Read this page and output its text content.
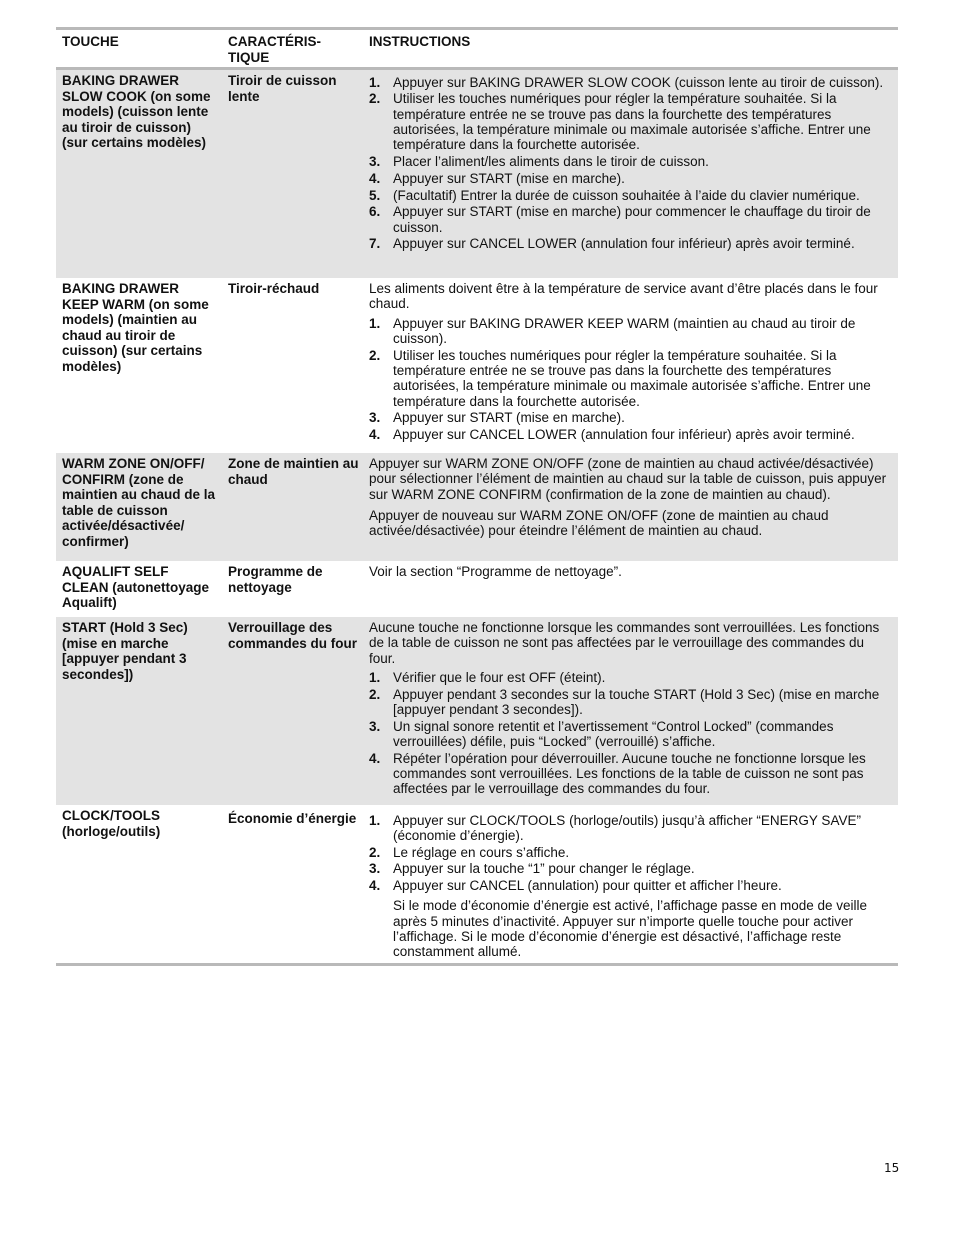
TOUCHE	CARACTÉRIS-
TIQUE
INSTRUCTIONS
BAKING DRAWER SLOW COOK (on some models) (cuisson lente au tiroir de cuisson) (sur certains modèles)
Tiroir de cuisson lente
1. Appuyer sur BAKING DRAWER SLOW COOK (cuisson lente au tiroir de cuisson).
2. Utiliser les touches numériques pour régler la température souhaitée. Si la température entrée ne se trouve pas dans la fourchette des températures autorisées, la température minimale ou maximale autorisée s’affiche. Entrer une température dans la fourchette autorisée.
3. Placer l’aliment/les aliments dans le tiroir de cuisson.
4. Appuyer sur START (mise en marche).
5. (Facultatif) Entrer la durée de cuisson souhaitée à l’aide du clavier numérique.
6. Appuyer sur START (mise en marche) pour commencer le chauffage du tiroir de cuisson.
7. Appuyer sur CANCEL LOWER (annulation four inférieur) après avoir terminé.
BAKING DRAWER KEEP WARM (on some models) (maintien au chaud au tiroir de cuisson) (sur certains modèles)
Tiroir-réchaud	Les aliments doivent être à la température de service avant d’être placés dans le four chaud.

1. Appuyer sur BAKING DRAWER KEEP WARM (maintien au chaud au tiroir de cuisson).
2. Utiliser les touches numériques pour régler la température souhaitée. Si la température entrée ne se trouve pas dans la fourchette des températures autorisées, la température minimale ou maximale autorisée s’affiche. Entrer une température dans la fourchette autorisée.
3. Appuyer sur START (mise en marche).
4. Appuyer sur CANCEL LOWER (annulation four inférieur) après avoir terminé.
WARM ZONE ON/OFF/ CONFIRM (zone de maintien au chaud de la table de cuisson activée/désactivée/ confirmer)
Zone de maintien au chaud

Appuyer sur WARM ZONE ON/OFF (zone de maintien au chaud activée/désactivée) pour sélectionner l’élément de maintien au chaud sur la table de cuisson, puis appuyer sur WARM ZONE CONFIRM (confirmation de la zone de maintien au chaud).

Appuyer de nouveau sur WARM ZONE ON/OFF (zone de maintien au chaud activée/désactivée) pour éteindre l’élément de maintien au chaud.

AQUALIFT SELF CLEAN (autonettoyage Aqualift)
Programme de nettoyage

Voir la section “Programme de nettoyage”.

START (Hold 3 Sec) (mise en marche [appuyer pendant 3 secondes])
Verrouillage des commandes du four

Aucune touche ne fonctionne lorsque les commandes sont verrouillées. Les fonctions de la table de cuisson ne sont pas affectées par le verrouillage des commandes du four.

1. Vérifier que le four est OFF (éteint).
2. Appuyer pendant 3 secondes sur la touche START (Hold 3 Sec) (mise en marche [appuyer pendant 3 secondes]).
3. Un signal sonore retentit et l’avertissement “Control Locked” (commandes verrouillées) défile, puis “Locked” (verrouillé) s’affiche.
4. Répéter l’opération pour déverrouiller. Aucune touche ne fonctionne lorsque les commandes sont verrouillées. Les fonctions de la table de cuisson ne sont pas affectées par le verrouillage des commandes du four.
CLOCK/TOOLS (horloge/outils)
Économie d’énergie 1. Appuyer sur CLOCK/TOOLS (horloge/outils) jusqu’à afficher “ENERGY SAVE” (économie d’énergie).
2. Le réglage en cours s’affiche.
3. Appuyer sur la touche “1” pour changer le réglage.
4. Appuyer sur CANCEL (annulation) pour quitter et afficher l’heure.

Si le mode d’économie d’énergie est activé, l’affichage passe en mode de veille après 5 minutes d’inactivité. Appuyer sur n’importe quelle touche pour activer l’affichage. Si le mode d’économie d’énergie est désactivé, l’affichage reste constamment allumé.

15
